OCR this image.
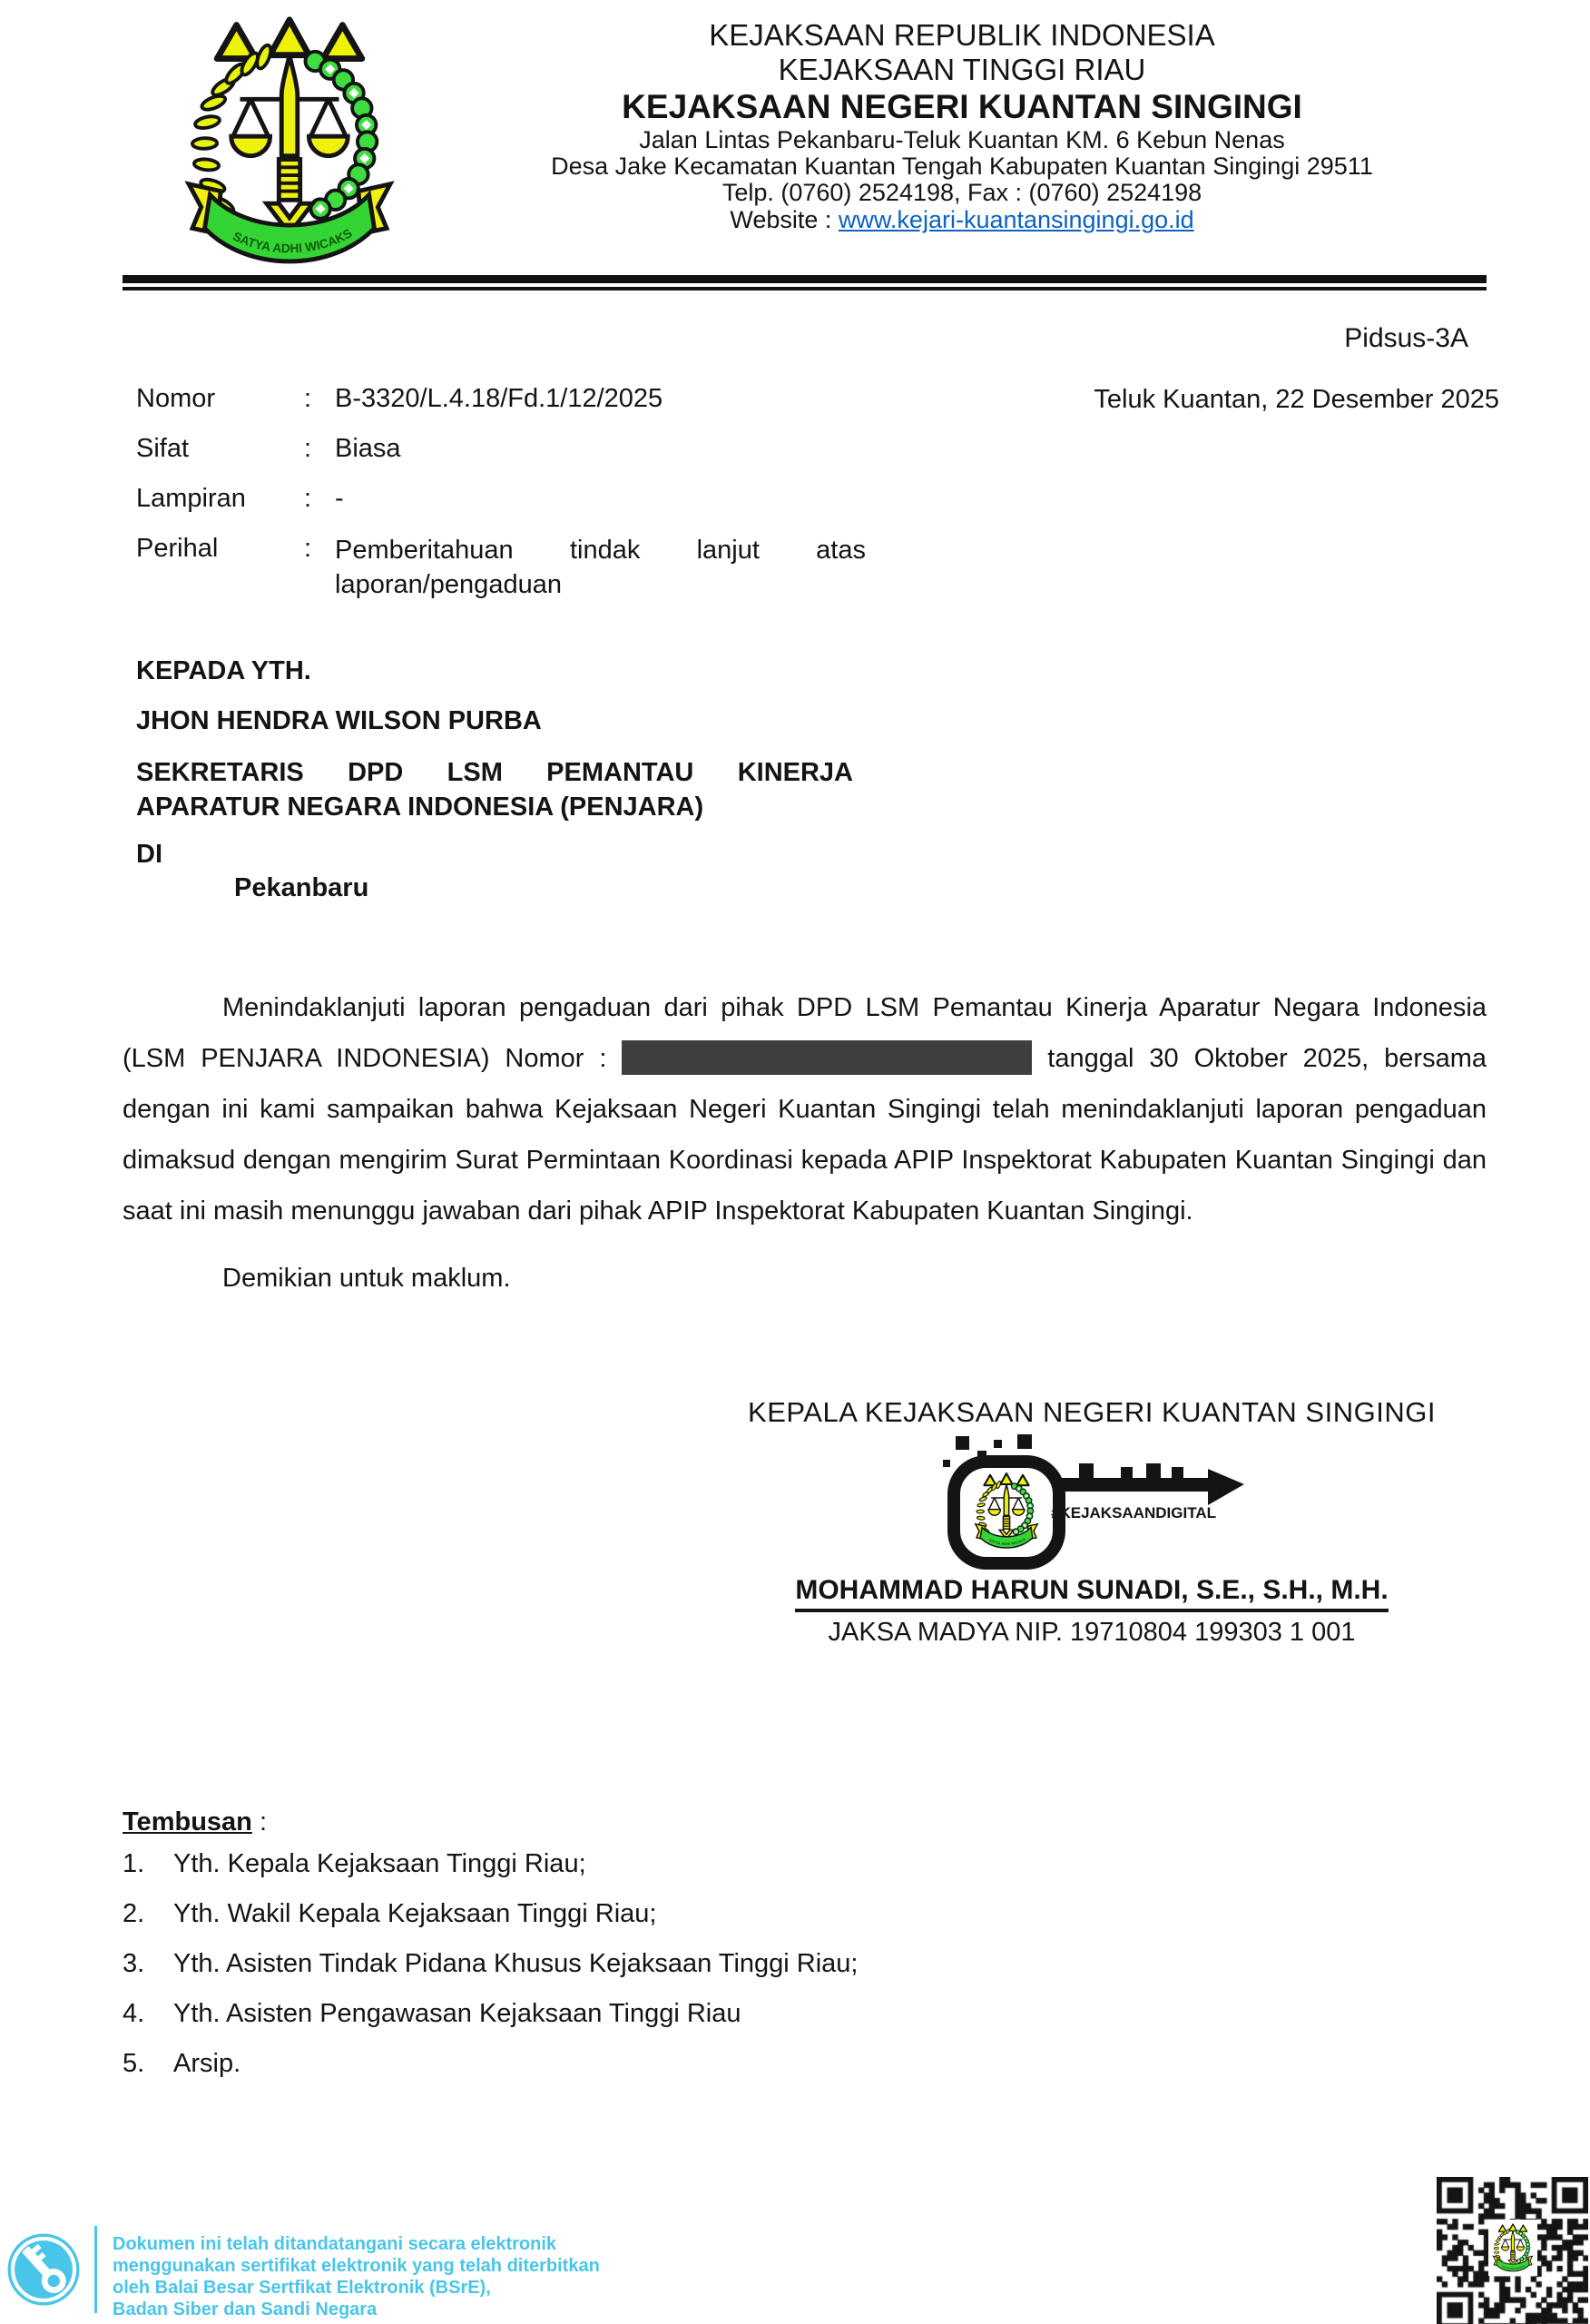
KEJAKSAAN REPUBLIK INDONESIA
KEJAKSAAN TINGGI RIAU
KEJAKSAAN NEGERI KUANTAN SINGINGI
Jalan Lintas Pekanbaru-Teluk Kuantan KM. 6 Kebun Nenas
Desa Jake Kecamatan Kuantan Tengah Kabupaten Kuantan Singingi 29511
Telp. (0760) 2524198, Fax : (0760) 2524198
Website : www.kejari-kuantansingingi.go.id
Pidsus-3A
Teluk Kuantan, 22 Desember 2025
Nomor	: B-3320/L.4.18/Fd.1/12/2025
Sifat	: Biasa
Lampiran	: -
Perihal	: Pemberitahuan tindak lanjut atas laporan/pengaduan
KEPADA YTH.
JHON HENDRA WILSON PURBA
SEKRETARIS DPD LSM PEMANTAU KINERJA APARATUR NEGARA INDONESIA (PENJARA)
DI
Pekanbaru

Menindaklanjuti laporan pengaduan dari pihak DPD LSM Pemantau Kinerja Aparatur Negara Indonesia (LSM PENJARA INDONESIA) Nomor :	tanggal 30 Oktober 2025, bersama dengan ini kami sampaikan bahwa Kejaksaan Negeri Kuantan Singingi telah menindaklanjuti laporan pengaduan dimaksud dengan mengirim Surat Permintaan Koordinasi kepada APIP Inspektorat Kabupaten Kuantan Singingi dan saat ini masih menunggu jawaban dari pihak APIP Inspektorat Kabupaten Kuantan Singingi.

Demikian untuk maklum.

KEPALA KEJAKSAAN NEGERI KUANTAN SINGINGI
#KEJAKSAANDIGITAL
MOHAMMAD HARUN SUNADI, S.E., S.H., M.H.
JAKSA MADYA NIP. 19710804 199303 1 001
Tembusan :
1.	Yth. Kepala Kejaksaan Tinggi Riau;
2.	Yth. Wakil Kepala Kejaksaan Tinggi Riau;
3.	Yth. Asisten Tindak Pidana Khusus Kejaksaan Tinggi Riau;
4.	Yth. Asisten Pengawasan Kejaksaan Tinggi Riau
5.	Arsip.
Dokumen ini telah ditandatangani secara elektronik
menggunakan sertifikat elektronik yang telah diterbitkan
oleh Balai Besar Sertfikat Elektronik (BSrE),
Badan Siber dan Sandi Negara
